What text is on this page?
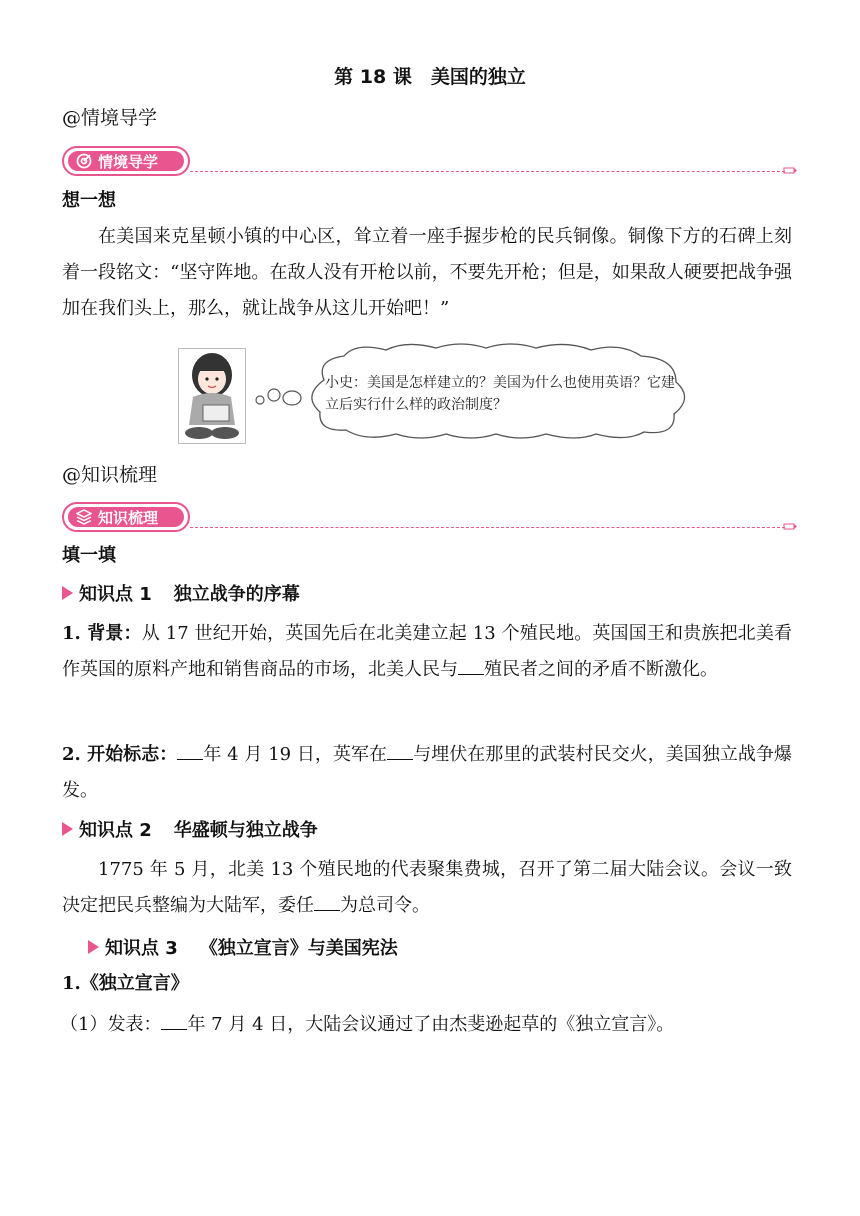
第 18 课　美国的独立
@情境导学
情境导学
想一想
在美国来克星顿小镇的中心区，耸立着一座手握步枪的民兵铜像。铜像下方的石碑上刻着一段铭文：“坚守阵地。在敌人没有开枪以前，不要先开枪；但是，如果敌人硬要把战争强加在我们头上，那么，就让战争从这儿开始吧！”
小史：美国是怎样建立的？美国为什么也使用英语？它建立后实行什么样的政治制度？
@知识梳理
知识梳理
填一填
知识点 1 独立战争的序幕
1. 背景：从 17 世纪开始，英国先后在北美建立起 13 个殖民地。英国国王和贵族把北美看作英国的原料产地和销售商品的市场，北美人民与 殖民者之间的矛盾不断激化。
2. 开始标志： 年 4 月 19 日，英军在 与埋伏在那里的武装村民交火，美国独立战争爆发。
知识点 2 华盛顿与独立战争
1775 年 5 月，北美 13 个殖民地的代表聚集费城，召开了第二届大陆会议。会议一致决定把民兵整编为大陆军，委任 为总司令。
知识点 3 《独立宣言》与美国宪法
1.《独立宣言》
（1）发表： 年 7 月 4 日，大陆会议通过了由杰斐逊起草的《独立宣言》。
